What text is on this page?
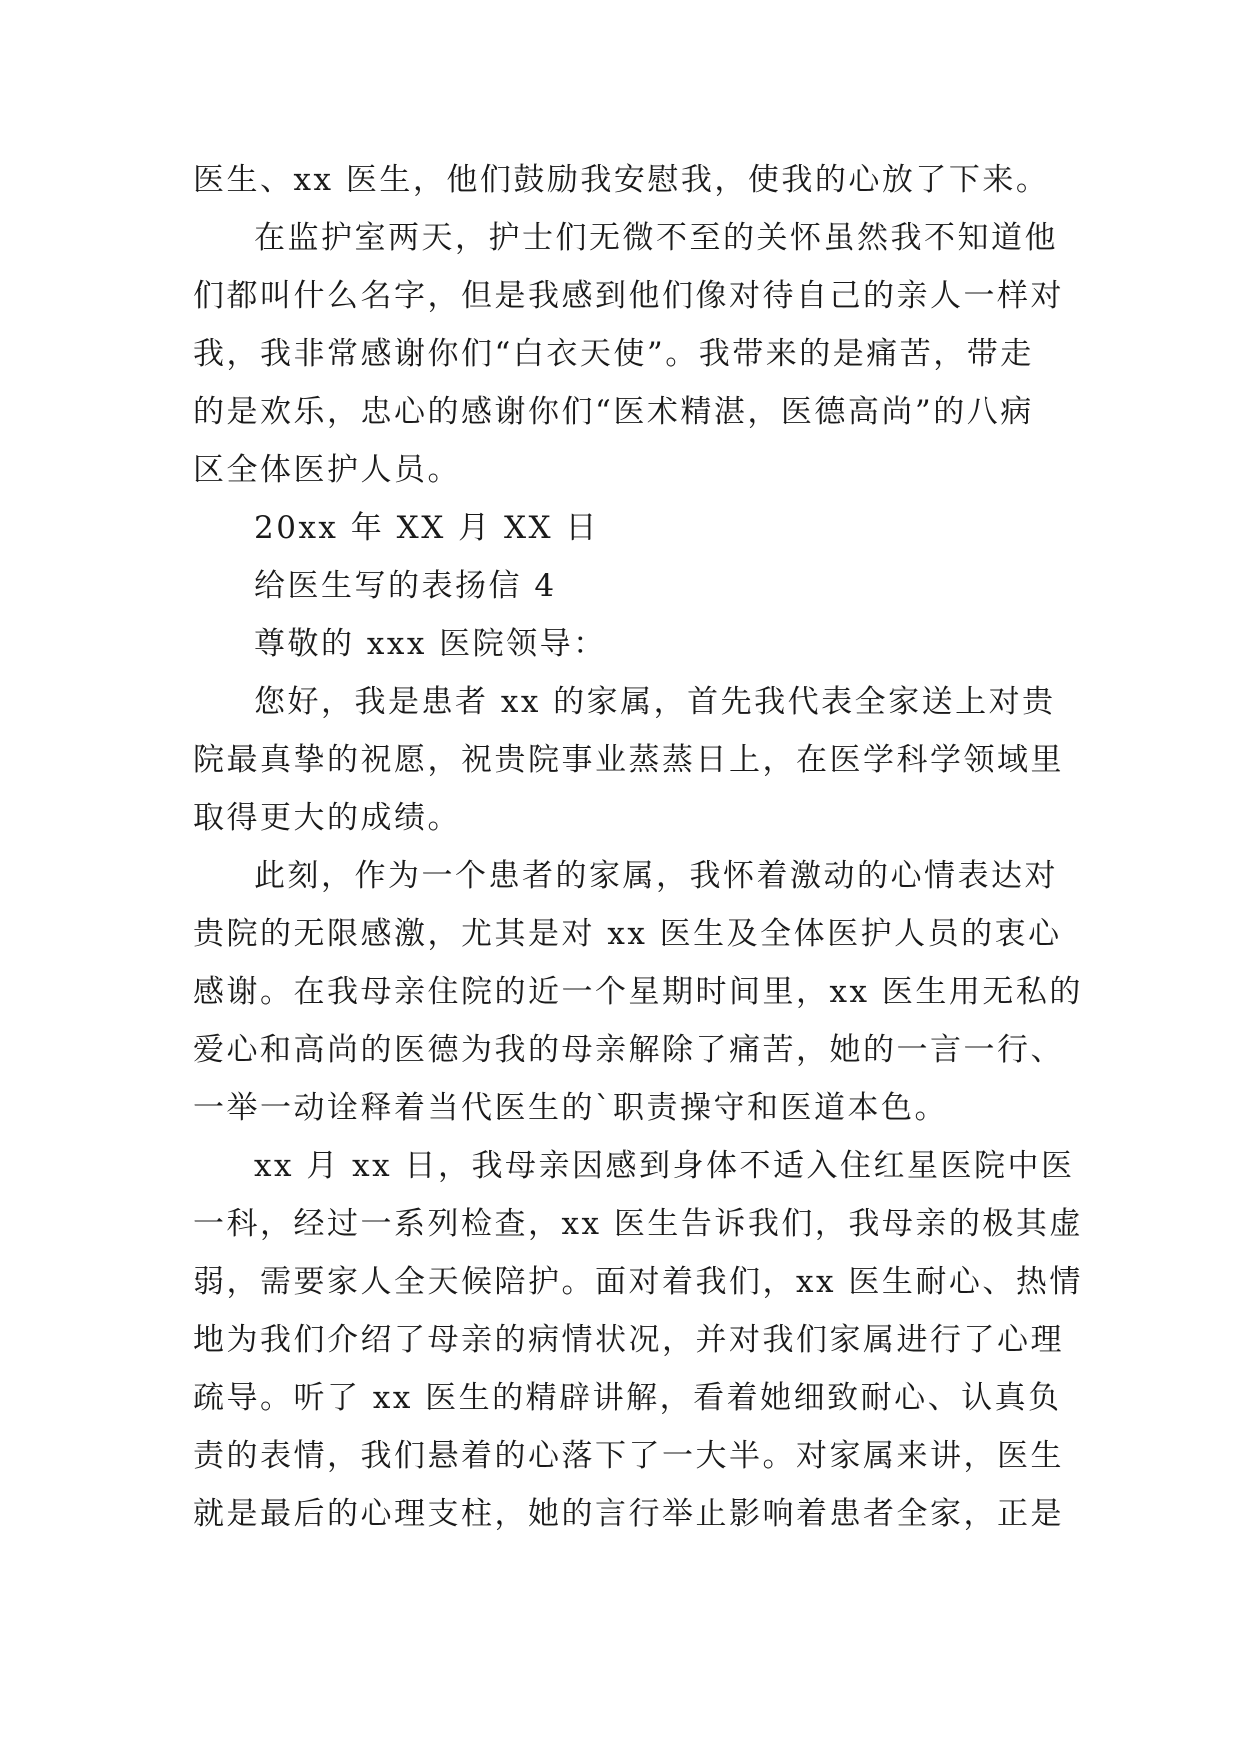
医生、xx 医生，他们鼓励我安慰我，使我的心放了下来。
在监护室两天，护士们无微不至的关怀虽然我不知道他
们都叫什么名字，但是我感到他们像对待自己的亲人一样对
我，我非常感谢你们“白衣天使”。我带来的是痛苦，带走
的是欢乐，忠心的感谢你们“医术精湛，医德高尚”的八病
区全体医护人员。
20xx 年 XX 月 XX 日
给医生写的表扬信 4
尊敬的 xxx 医院领导：
您好，我是患者 xx 的家属，首先我代表全家送上对贵
院最真挚的祝愿，祝贵院事业蒸蒸日上，在医学科学领域里
取得更大的成绩。
此刻，作为一个患者的家属，我怀着激动的心情表达对
贵院的无限感激，尤其是对 xx 医生及全体医护人员的衷心
感谢。在我母亲住院的近一个星期时间里，xx 医生用无私的
爱心和高尚的医德为我的母亲解除了痛苦，她的一言一行、
一举一动诠释着当代医生的`职责操守和医道本色。
xx 月 xx 日，我母亲因感到身体不适入住红星医院中医
一科，经过一系列检查，xx 医生告诉我们，我母亲的极其虚
弱，需要家人全天候陪护。面对着我们，xx 医生耐心、热情
地为我们介绍了母亲的病情状况，并对我们家属进行了心理
疏导。听了 xx 医生的精辟讲解，看着她细致耐心、认真负
责的表情，我们悬着的心落下了一大半。对家属来讲，医生
就是最后的心理支柱，她的言行举止影响着患者全家，正是
